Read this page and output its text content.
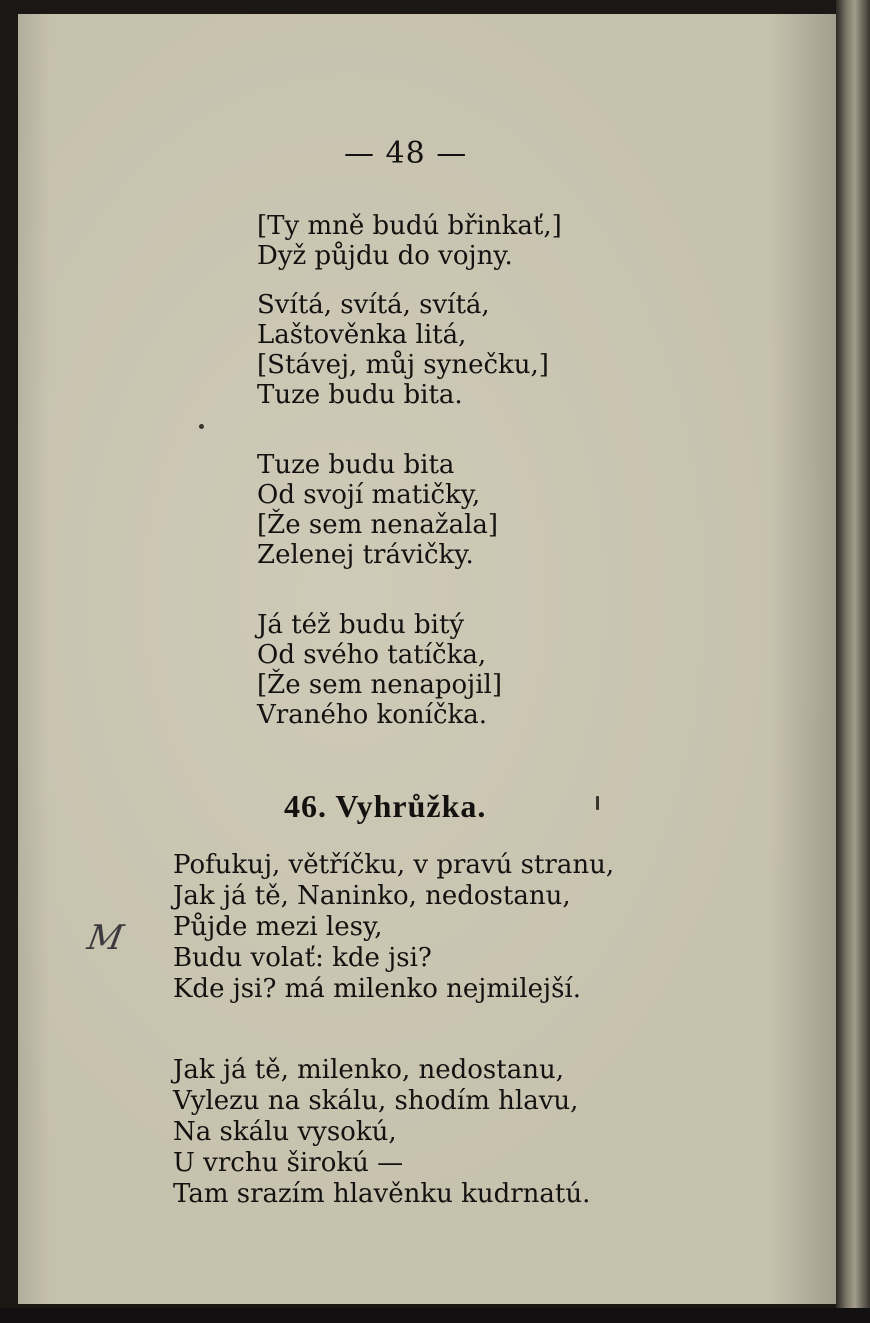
— 48 —
[Ty mně budú břinkať,]
Dyž půjdu do vojny.
Svítá, svítá, svítá,
Laštověnka litá,
[Stávej, můj synečku,]
Tuze budu bita.
Tuze budu bita
Od svojí matičky,
[Že sem nenažala]
Zelenej trávičky.
Já též budu bitý
Od svého tatíčka,
[Že sem nenapojil]
Vraného koníčka.
46. Vyhrůžka.
M
Pofukuj, větříčku, v pravú stranu,
Jak já tě, Naninko, nedostanu,
Půjde mezi lesy,
Budu volať: kde jsi?
Kde jsi? má milenko nejmilejší.
Jak já tě, milenko, nedostanu,
Vylezu na skálu, shodím hlavu,
Na skálu vysokú,
U vrchu širokú —
Tam srazím hlavěnku kudrnatú.
